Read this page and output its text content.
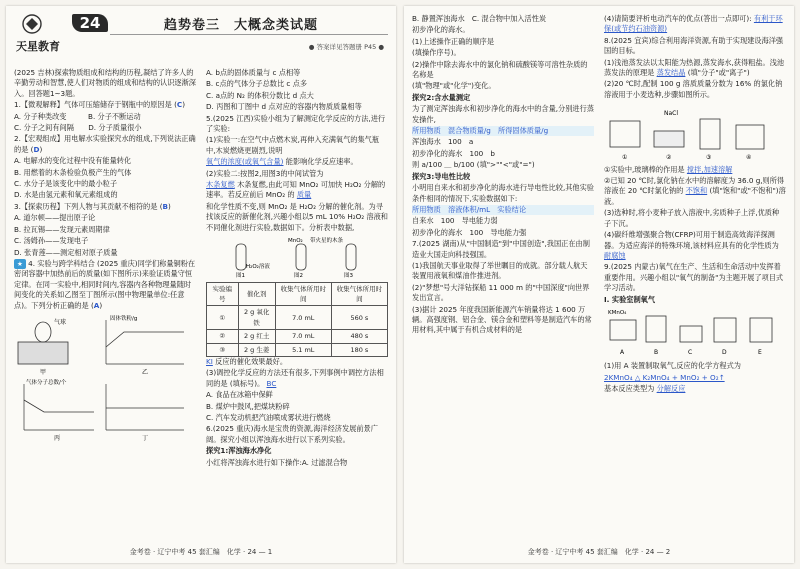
天星教育
24	趋势卷三　大概念类试题
● 答案详见答题册 P45 ●

(2025 吉林)探索物质组成和结构的历程,凝结了许多人的辛勤劳动和智慧,使人们对物质的组成和结构的认识逐渐深入。回答题1~3题。

1.【微观解释】气体可压缩储存于钢瓶中的原因是 (C)

A. 分子种类改变　　　B. 分子不断运动

C. 分子之间有间隔　　D. 分子质量很小

2.【宏观组成】用电解水实验探究水的组成,下列说法正确的是 (D)

A. 电解水的变化过程中没有能量转化

B. 用燃着的木条检验负极产生的气体

C. 水分子是该变化中的最小粒子

D. 水是由氢元素和氧元素组成的

3.【探索历程】下列人物与其贡献不相符的是 (B)

A. 道尔顿——提出原子论

B. 拉瓦锡——发现元素周期律

C. 汤姆孙——发现电子

D. 张青莲——测定相对原子质量

★ 4. 实验与跨学科结合 (2025 重庆)同学们称量铜粉在密闭容器中加热前后的质量(如下图所示)来验证质量守恒定律。在同一实验中,相同时间内,容器内各种物理量随时间变化的关系如乙图至丁图所示(图中物理量单位:任意点)。下列分析正确的是 (A)

气球
甲
固体铁粉/g
乙
气体分子总数/个
丙	丁

A. b点的固体质量与 c 点相等

B. c点的气体分子总数比 c 点多

C. a点的 N₂ 的体积分数比 d 点大

D. 丙图和丁图中 d 点对应的容器内物质质量相等

5.(2025 江西)实验小组为了解测定化学反应的方法,进行了实验:

(1)实验一:在空气中点燃木炭,再伸入充满氧气的集气瓶中,木炭燃烧更剧烈,说明

氧气的浓度(或氧气含量) 能影响化学反应速率。

(2)实验二:按图2,用图3的中间试管为

木条复燃 木条复燃,由此可知 MnO₂ 可加快 H₂O₂ 分解的速率。若反应前后 MnO₂ 的 质量

和化学性质不变,则 MnO₂ 是 H₂O₂ 分解的催化剂。为寻找该反应的新催化剂,兴趣小组以5 mL 10% H₂O₂ 溶液和不同催化剂进行实验,数据如下。分析表中数据,

MnO₂ 带火星的木条
H₂O₂溶液
图1	图2	图3
实验编号	催化剂	收集气体所用时间	收集气体所用时间
①	2 g 氧化铁	7.0 mL	560 s
②	2 g 红土	7.0 mL	480 s
③	2 g 生姜	5.1 mL	180 s

KI 反应的催化效果最好。

(3)调控化学反应的方法还有很多,下列事例中调控方法相同的是 (填标号)。 BC

A. 食品在冰箱中保鲜

B. 煤炉中鼓风,把煤块粉碎

C. 汽车发动机把汽油喷成雾状进行燃烧

6.(2025 重庆)海水是宝贵的资源,海洋经济发展前景广阔。探究小组以浑浊海水进行以下系列实验。

探究1:浑浊海水净化

小红将浑浊海水进行如下操作:A. 过滤混合物

金考卷 · 辽宁中考 45 套汇编　化学 · 24 — 1

B. 静置浑浊海水　C. 混合物中加入活性炭

初步净化的海水。

(1)上述操作正确的顺序是

(填操作序号)。

(2)操作中除去海水中的氯化钠和硫酸镁等可溶性杂质的名称是

(填"物理"或"化学")变化。

探究2:含水量测定

为了测定浑浊海水和初步净化的海水中的含量,分别进行蒸发操作,

所用物质　混合物质量/g　所得固体质量/g

浑浊海水　100　a

初步净化的海水　100　b

则 a/100 ＿ b/100 (填">""<"或"=")

探究3:导电性比较

小明用自来水和初步净化的海水进行导电性比较,其他实验条件相同的情况下,实验数据如下:

所用物质　溶液体积/mL　实验结论

自来水　100　导电能力弱

初步净化的海水　100　导电能力强

7.(2025 湖南)从"中国制造"到"中国创造",我国正在由制造业大国走向科技强国。

(1)我国航天事业取得了举世瞩目的成就。部分载人航天装置用液氧和煤油作推进剂。

(2)"梦想"号大洋钻探船 11 000 m 的"中国深度"向世界发出宣言。

(3)据计 2025 年度我国新能源汽车销量将达 1 600 万辆。高强度钢、铝合金、镁合金和塑料等是制造汽车的常用材料,其中属于有机合成材料的是

(4)请简要评析电动汽车的优点(答出一点即可): 有利于环保(或节约石油资源)

8.(2025 宜宾)综合利用海洋资源,有助于实现建设海洋强国的目标。

(1)浅池蒸发法以太阳能为热源,蒸发海水,获得粗盐。浅池蒸发法的原理是 蒸发结晶 (填"分子"或"离子")

(2)20 ℃时,配制 100 g 溶质质量分数为 16% 的氯化钠溶液用于小麦选种,步骤如图所示。

NaCl
①	②	③	④

①实验中,玻璃棒的作用是 搅拌,加速溶解

②已知 20 ℃时,氯化钠在水中的溶解度为 36.0 g,则所得溶液在 20 ℃时氯化钠的 不饱和 (填"饱和"或"不饱和")溶液。

(3)选种时,将小麦种子放入溶液中,劣质种子上浮,优质种子下沉。

(4)碳纤维增强聚合物(CFRP)可用于制造高效海洋探测器。为适应海洋的特殊环境,该材料应具有的化学性质为 耐腐蚀

9.(2025 内蒙古)氧气在生产、生活和生命活动中发挥着重要作用。兴趣小组以"氧气的制备"为主题开展了项目式学习活动。

Ⅰ. 实验室制氧气

KMnO₄
A	B	C	D	E

(1)用 A 装置制取氧气,反应的化学方程式为

2KMnO₄ △ K₂MnO₄ + MnO₂ + O₂↑

基本反应类型为 分解反应

金考卷 · 辽宁中考 45 套汇编　化学 · 24 — 2
